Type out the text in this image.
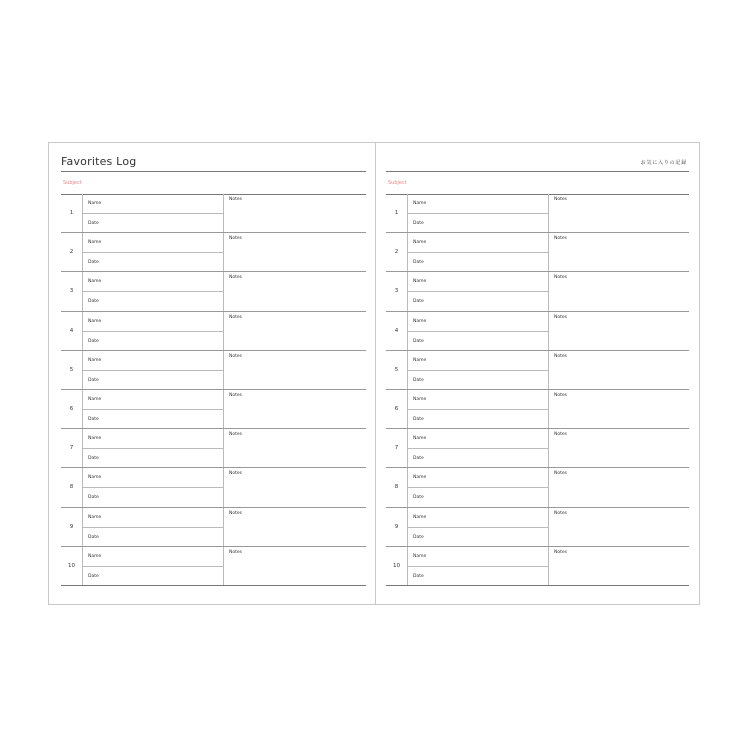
Favorites Log
Subject
1
Name
Date
Notes
2
Name
Date
Notes
3
Name
Date
Notes
4
Name
Date
Notes
5
Name
Date
Notes
6
Name
Date
Notes
7
Name
Date
Notes
8
Name
Date
Notes
9
Name
Date
Notes
10
Name
Date
Notes
お気に入りの記録
Subject
1
Name
Date
Notes
2
Name
Date
Notes
3
Name
Date
Notes
4
Name
Date
Notes
5
Name
Date
Notes
6
Name
Date
Notes
7
Name
Date
Notes
8
Name
Date
Notes
9
Name
Date
Notes
10
Name
Date
Notes
